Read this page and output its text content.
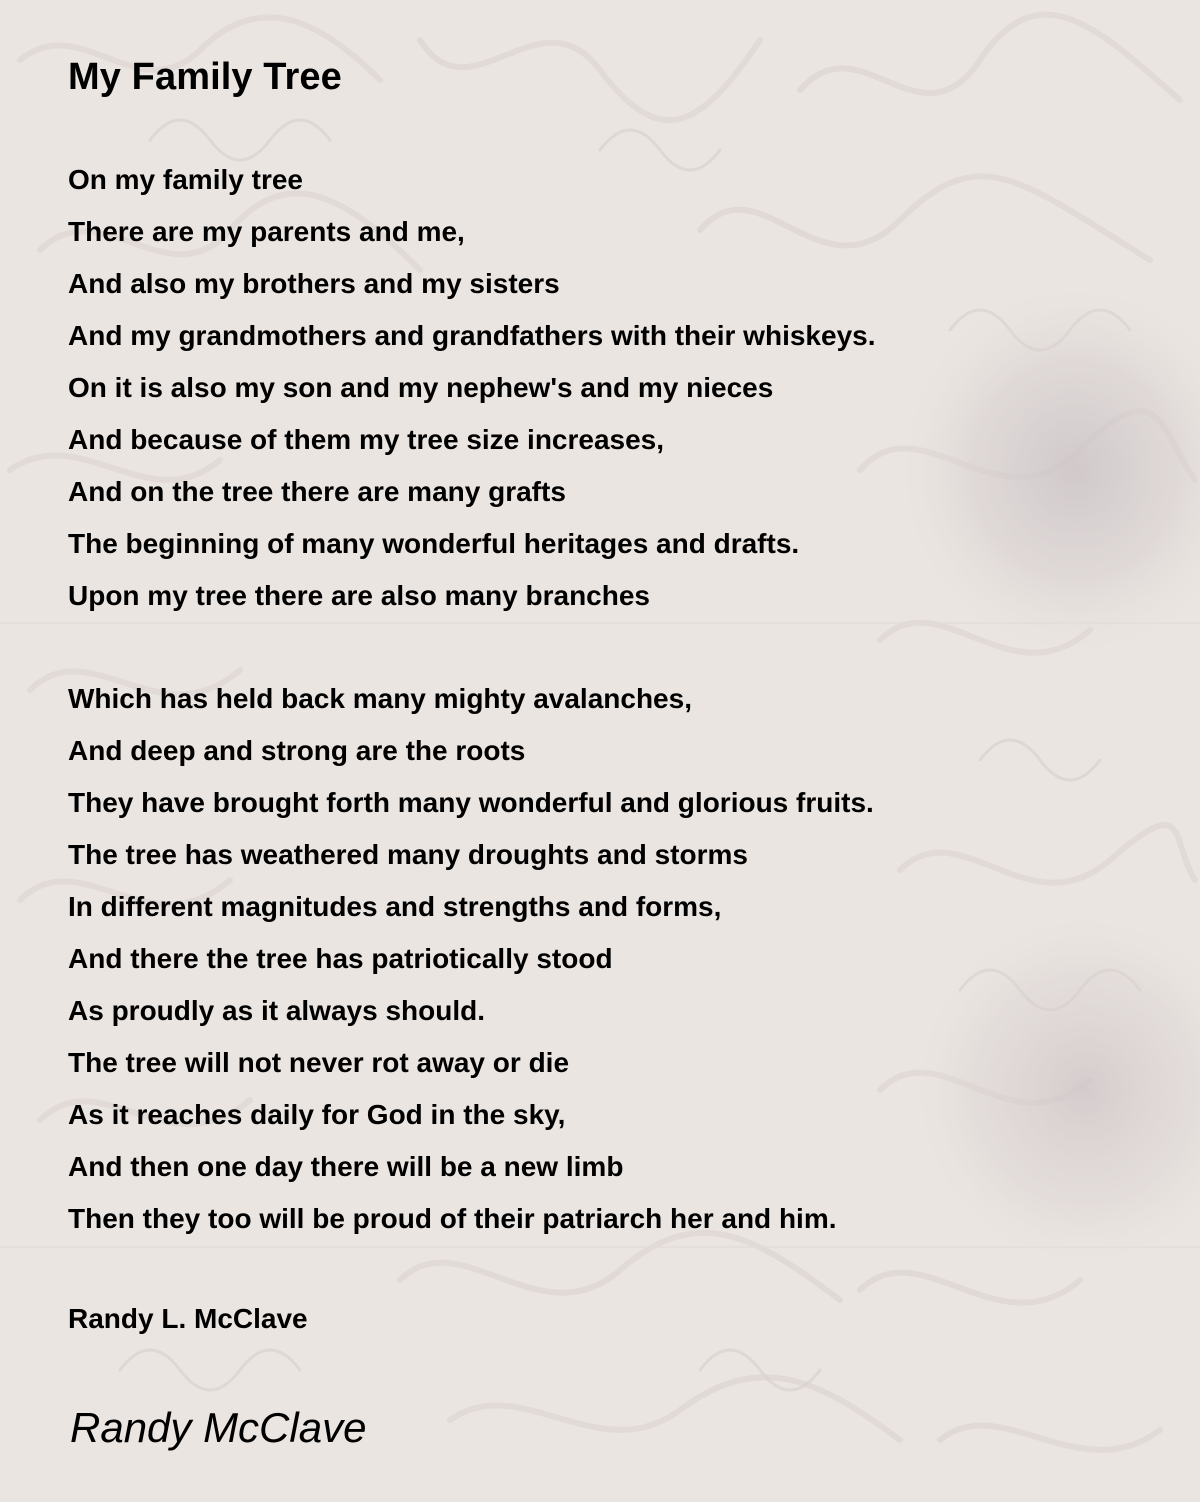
My Family Tree
On my family tree
There are my parents and me,
And also my brothers and my sisters
And my grandmothers and grandfathers with their whiskeys.
On it is also my son and my nephew's and my nieces
And because of them my tree size increases,
And on the tree there are many grafts
The beginning of many wonderful heritages and drafts.
Upon my tree there are also many branches
Which has held back many mighty avalanches,
And deep and strong are the roots
They have brought forth many wonderful and glorious fruits.
The tree has weathered many droughts and storms
In different magnitudes and strengths and forms,
And there the tree has patriotically stood
As proudly as it always should.
The tree will not never rot away or die
As it reaches daily for God in the sky,
And then one day there will be a new limb
Then they too will be proud of their patriarch her and him.

Randy L. McClave

Randy McClave
